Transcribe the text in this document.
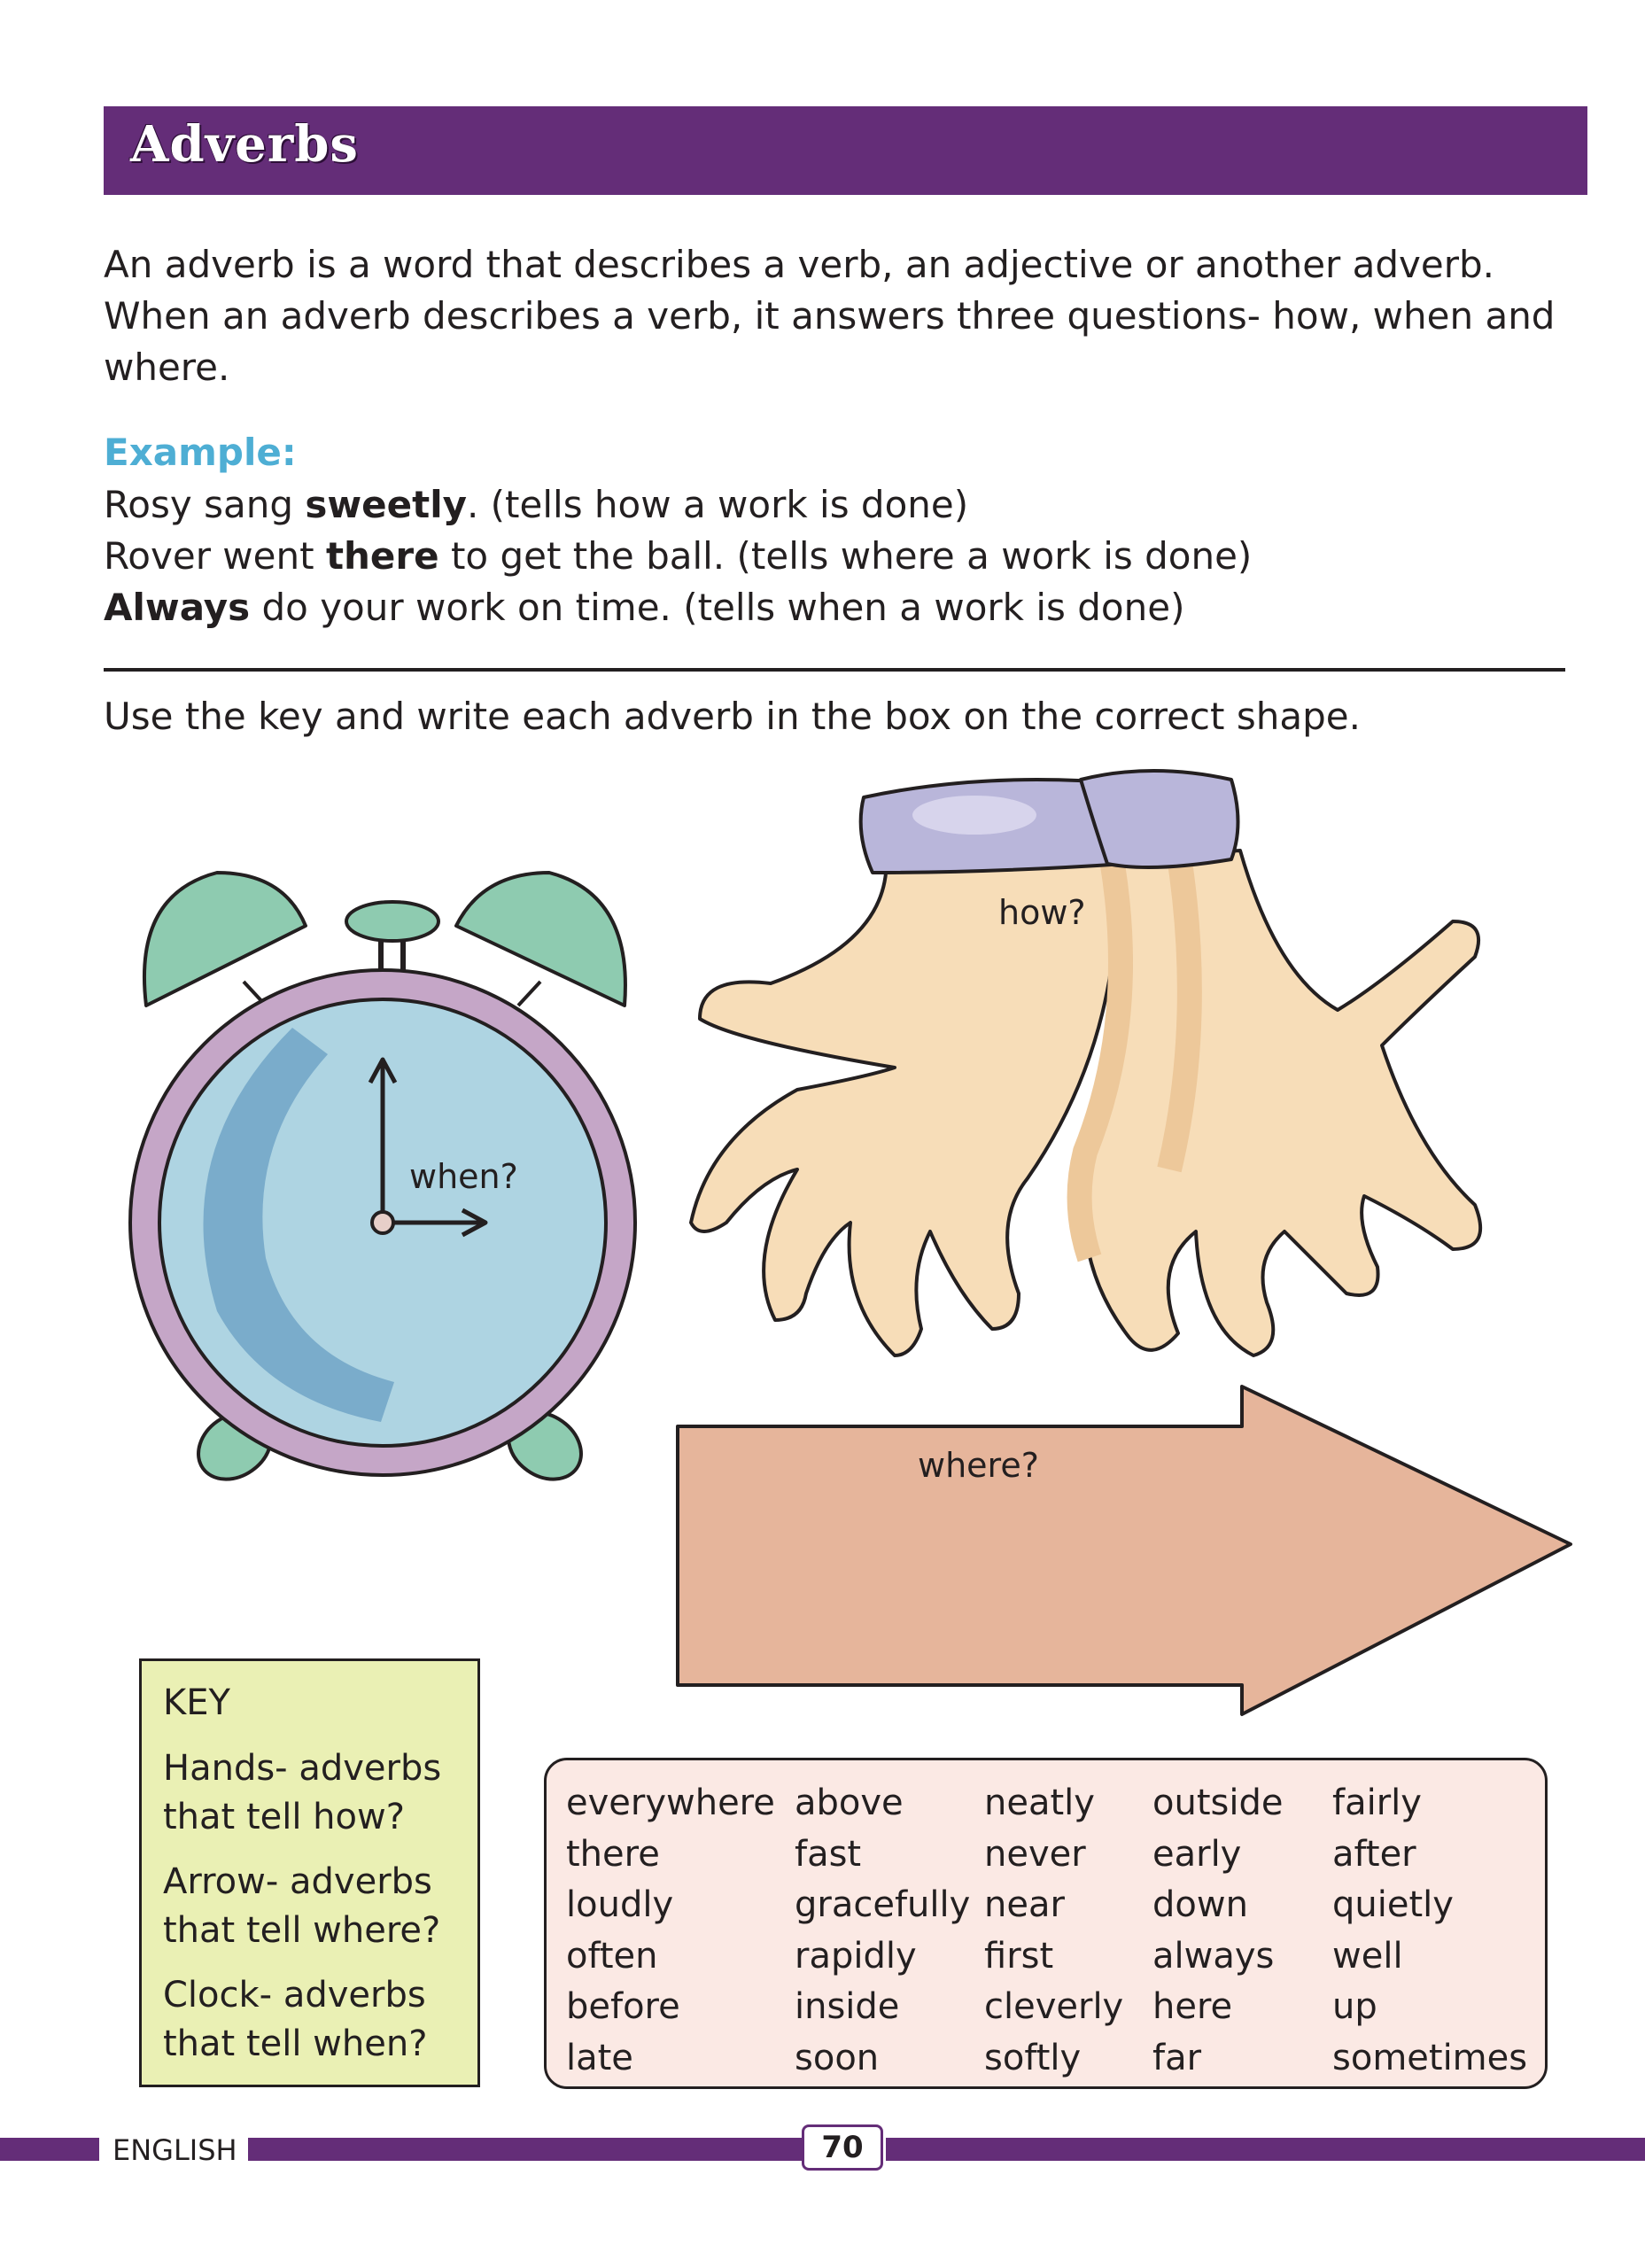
Adverbs

An adverb is a word that describes a verb, an adjective or another adverb. When an adverb describes a verb, it answers three questions- how, when and where.

Example:

Rosy sang sweetly. (tells how a work is done)

Rover went there to get the ball. (tells where a work is done)

Always do your work on time. (tells when a work is done)

Use the key and write each adverb in the box on the correct shape.

when?

how?

where?

KEY

Hands- adverbs that tell how?

Arrow- adverbs that tell where?

Clock- adverbs that tell when?

everywhere
there
loudly
often
before
late
above
fast
gracefully
rapidly
inside
soon
neatly
never
near
first
cleverly
softly
outside
early
down
always
here
far
fairly
after
quietly
well
up
sometimes

ENGLISH	70
